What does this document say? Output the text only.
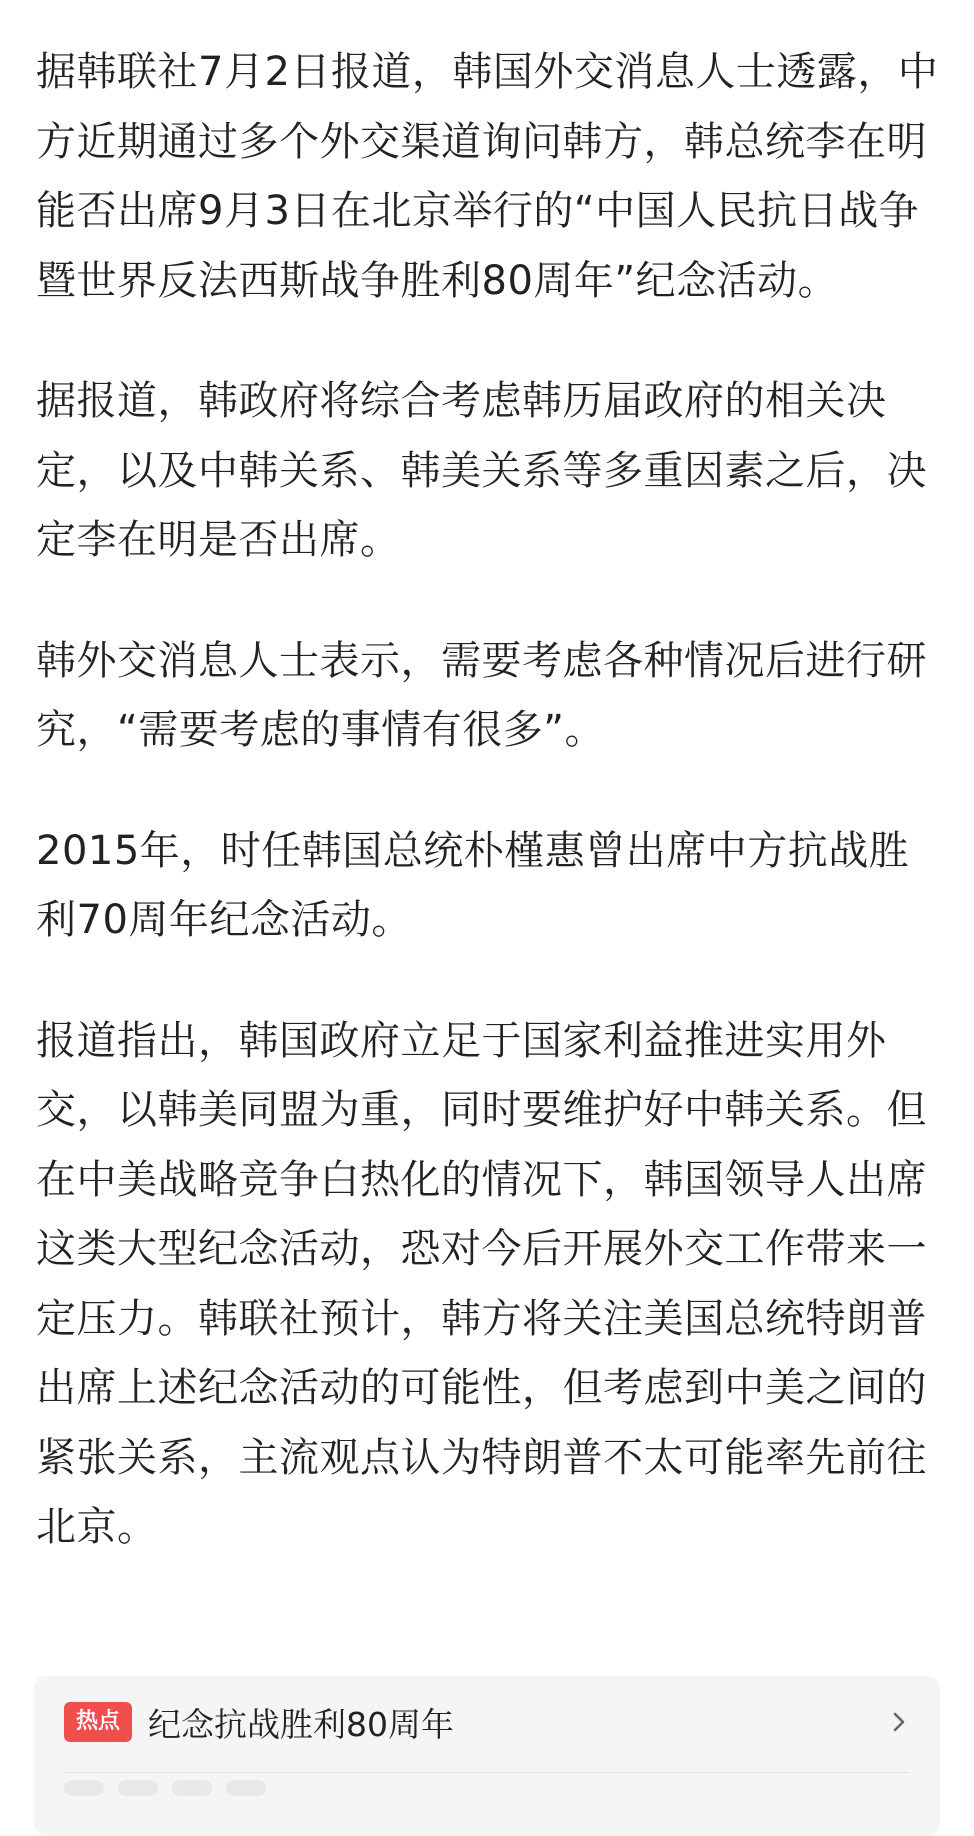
据韩联社7月2日报道，韩国外交消息人士透露，中方近期通过多个外交渠道询问韩方，韩总统李在明能否出席9月3日在北京举行的“中国人民抗日战争暨世界反法西斯战争胜利80周年”纪念活动。

据报道，韩政府将综合考虑韩历届政府的相关决定，以及中韩关系、韩美关系等多重因素之后，决定李在明是否出席。

韩外交消息人士表示，需要考虑各种情况后进行研究，“需要考虑的事情有很多”。

2015年，时任韩国总统朴槿惠曾出席中方抗战胜利70周年纪念活动。

报道指出，韩国政府立足于国家利益推进实用外交，以韩美同盟为重，同时要维护好中韩关系。但在中美战略竞争白热化的情况下，韩国领导人出席这类大型纪念活动，恐对今后开展外交工作带来一定压力。韩联社预计，韩方将关注美国总统特朗普出席上述纪念活动的可能性，但考虑到中美之间的紧张关系，主流观点认为特朗普不太可能率先前往北京。

热点 纪念抗战胜利80周年
